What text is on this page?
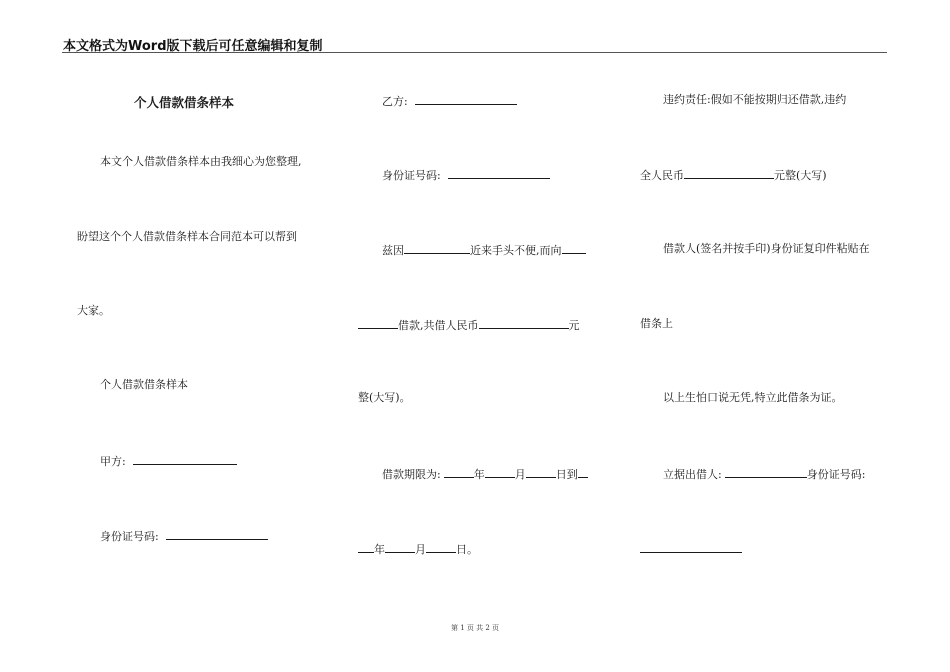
本文格式为Word版下载后可任意编辑和复制
个人借款借条样本
本文个人借款借条样本由我细心为您整理,
盼望这个个人借款借条样本合同范本可以帮到
大家。
个人借款借条样本
甲方:
身份证号码:
乙方:
身份证号码:
兹因	近来手头不便,而向
借款,共借人民币	元
整(大写)。
借款期限为:	年	月	日到
年	月	日。
违约责任:假如不能按期归还借款,违约
全人民币	元整(大写)
借款人(签名并按手印)身份证复印件粘贴在
借条上
以上生怕口说无凭,特立此借条为证。
立据出借人:	身份证号码:
第 1 页 共 2 页
